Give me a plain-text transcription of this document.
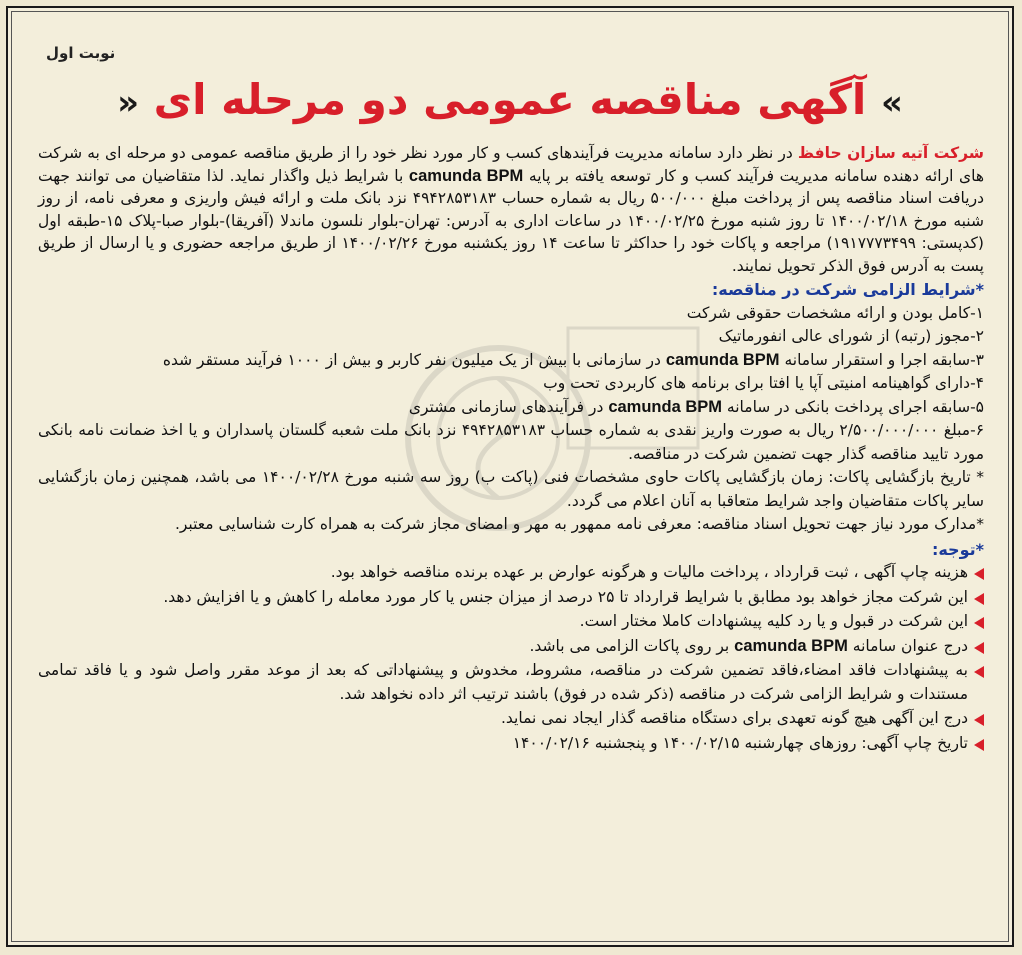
نوبت اول
» آگهی مناقصه عمومی دو مرحله ای «

شرکت آتیه سازان حافظ در نظر دارد سامانه مدیریت فرآیندهای کسب و کار مورد نظر خود را از طریق مناقصه عمومی دو مرحله ای به شرکت های ارائه دهنده سامانه مدیریت فرآیند کسب و کار توسعه یافته بر پایه camunda BPM با شرایط ذیل واگذار نماید. لذا متقاضیان می توانند جهت دریافت اسناد مناقصه پس از پرداخت مبلغ ۵۰۰/۰۰۰ ریال به شماره حساب ۴۹۴۲۸۵۳۱۸۳ نزد بانک ملت و ارائه فیش واریزی و معرفی نامه، از روز شنبه مورخ ۱۴۰۰/۰۲/۱۸ تا روز شنبه مورخ ۱۴۰۰/۰۲/۲۵ در ساعات اداری به آدرس: تهران-بلوار نلسون ماندلا (آفریقا)-بلوار صبا-پلاک ۱۵-طبقه اول (کدپستی: ۱۹۱۷۷۷۳۴۹۹) مراجعه و پاکات خود را حداکثر تا ساعت ۱۴ روز یکشنبه مورخ ۱۴۰۰/۰۲/۲۶ از طریق مراجعه حضوری و یا ارسال از طریق پست به آدرس فوق الذکر تحویل نمایند.

*شرایط الزامی شرکت در مناقصه:

۱-کامل بودن و ارائه مشخصات حقوقی شرکت

۲-مجوز (رتبه) از شورای عالی انفورماتیک

۳-سابقه اجرا و استقرار سامانه camunda BPM در سازمانی با بیش از یک میلیون نفر کاربر و بیش از ۱۰۰۰ فرآیند مستقر شده

۴-دارای گواهینامه امنیتی آپا یا افتا برای برنامه های کاربردی تحت وب

۵-سابقه اجرای پرداخت بانکی در سامانه camunda BPM در فرآیندهای سازمانی مشتری

۶-مبلغ ۲/۵۰۰/۰۰۰/۰۰۰ ریال به صورت واریز نقدی به شماره حساب ۴۹۴۲۸۵۳۱۸۳ نزد بانک ملت شعبه گلستان پاسداران و یا اخذ ضمانت نامه بانکی مورد تایید مناقصه گذار جهت تضمین شرکت در مناقصه.

* تاریخ بازگشایی پاکات: زمان بازگشایی پاکات حاوی مشخصات فنی (پاکت ب) روز سه شنبه مورخ ۱۴۰۰/۰۲/۲۸ می باشد، همچنین زمان بازگشایی سایر پاکات متقاضیان واجد شرایط متعاقبا به آنان اعلام می گردد.

*مدارک مورد نیاز جهت تحویل اسناد مناقصه: معرفی نامه ممهور به مهر و امضای مجاز شرکت به همراه کارت شناسایی معتبر.

*توجه:
هزینه چاپ آگهی ، ثبت قرارداد ، پرداخت مالیات و هرگونه عوارض بر عهده برنده مناقصه خواهد بود.
این شرکت مجاز خواهد بود مطابق با شرایط قرارداد تا ۲۵ درصد از میزان جنس یا کار مورد معامله را کاهش و یا افزایش دهد.
این شرکت در قبول و یا رد کلیه پیشنهادات کاملا مختار است.
درج عنوان سامانه camunda BPM بر روی پاکات الزامی می باشد.
به پیشنهادات فاقد امضاء،فاقد تضمین شرکت در مناقصه، مشروط، مخدوش و پیشنهاداتی که بعد از موعد مقرر واصل شود و یا فاقد تمامی مستندات و شرایط الزامی شرکت در مناقصه (ذکر شده در فوق) باشند ترتیب اثر داده نخواهد شد.
درج این آگهی هیچ گونه تعهدی برای دستگاه مناقصه گذار ایجاد نمی نماید.
تاریخ چاپ آگهی: روزهای چهارشنبه ۱۴۰۰/۰۲/۱۵ و پنجشنبه ۱۴۰۰/۰۲/۱۶
